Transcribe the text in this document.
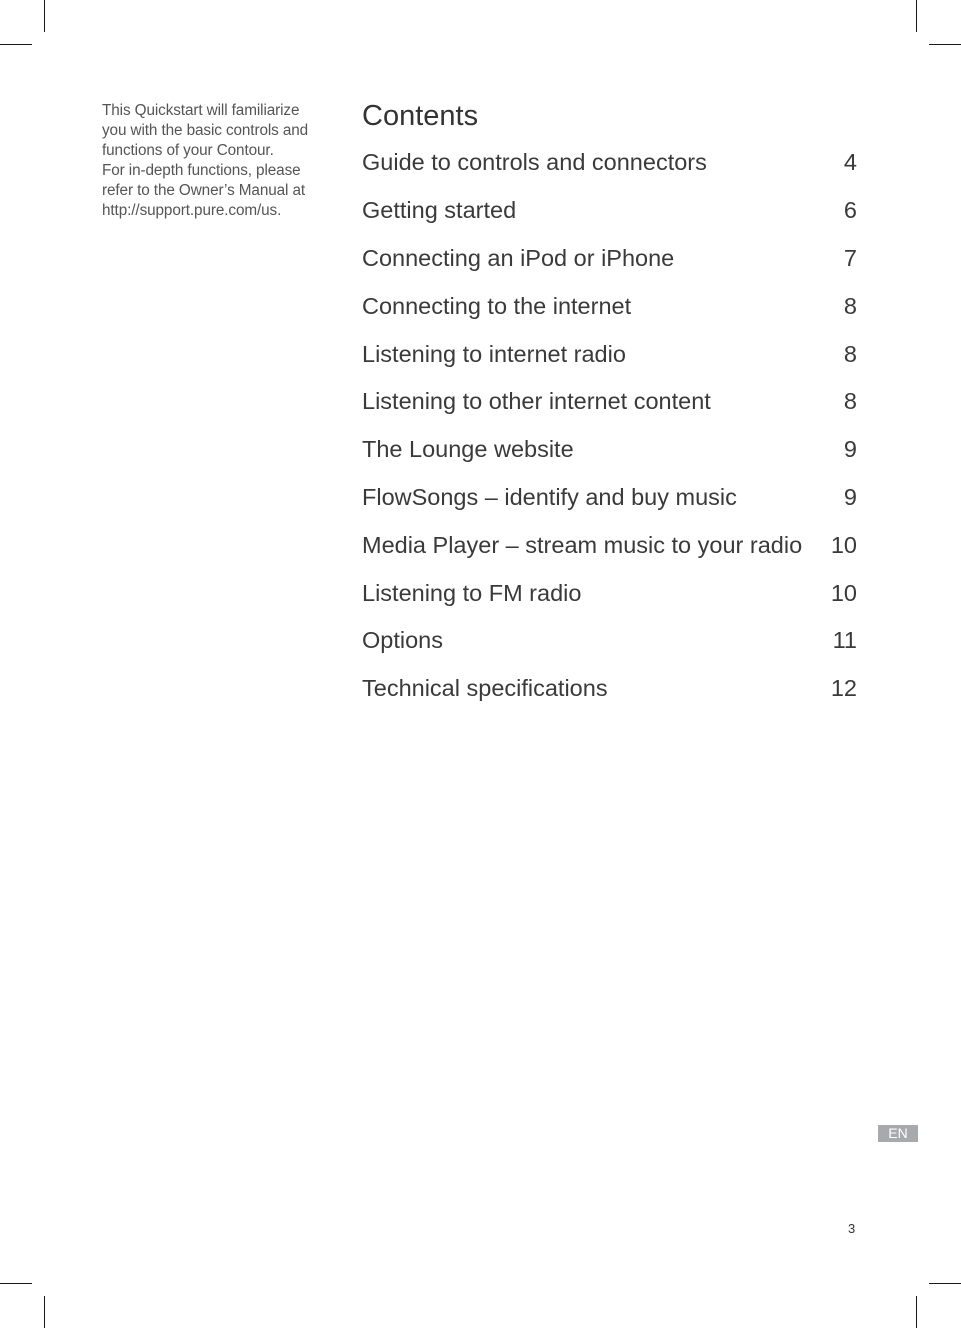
This Quickstart will familiarize
you with the basic controls and
functions of your Contour.
For in-depth functions, please
refer to the Owner’s Manual at
http://support.pure.com/us.
Contents
Guide to controls and connectors	4
Getting started	6
Connecting an iPod or iPhone	7
Connecting to the internet	8
Listening to internet radio	8
Listening to other internet content	8
The Lounge website	9
FlowSongs – identify and buy music	9
Media Player – stream music to your radio 10
Listening to FM radio	10
Options	11
Technical specifications	12
EN
3
